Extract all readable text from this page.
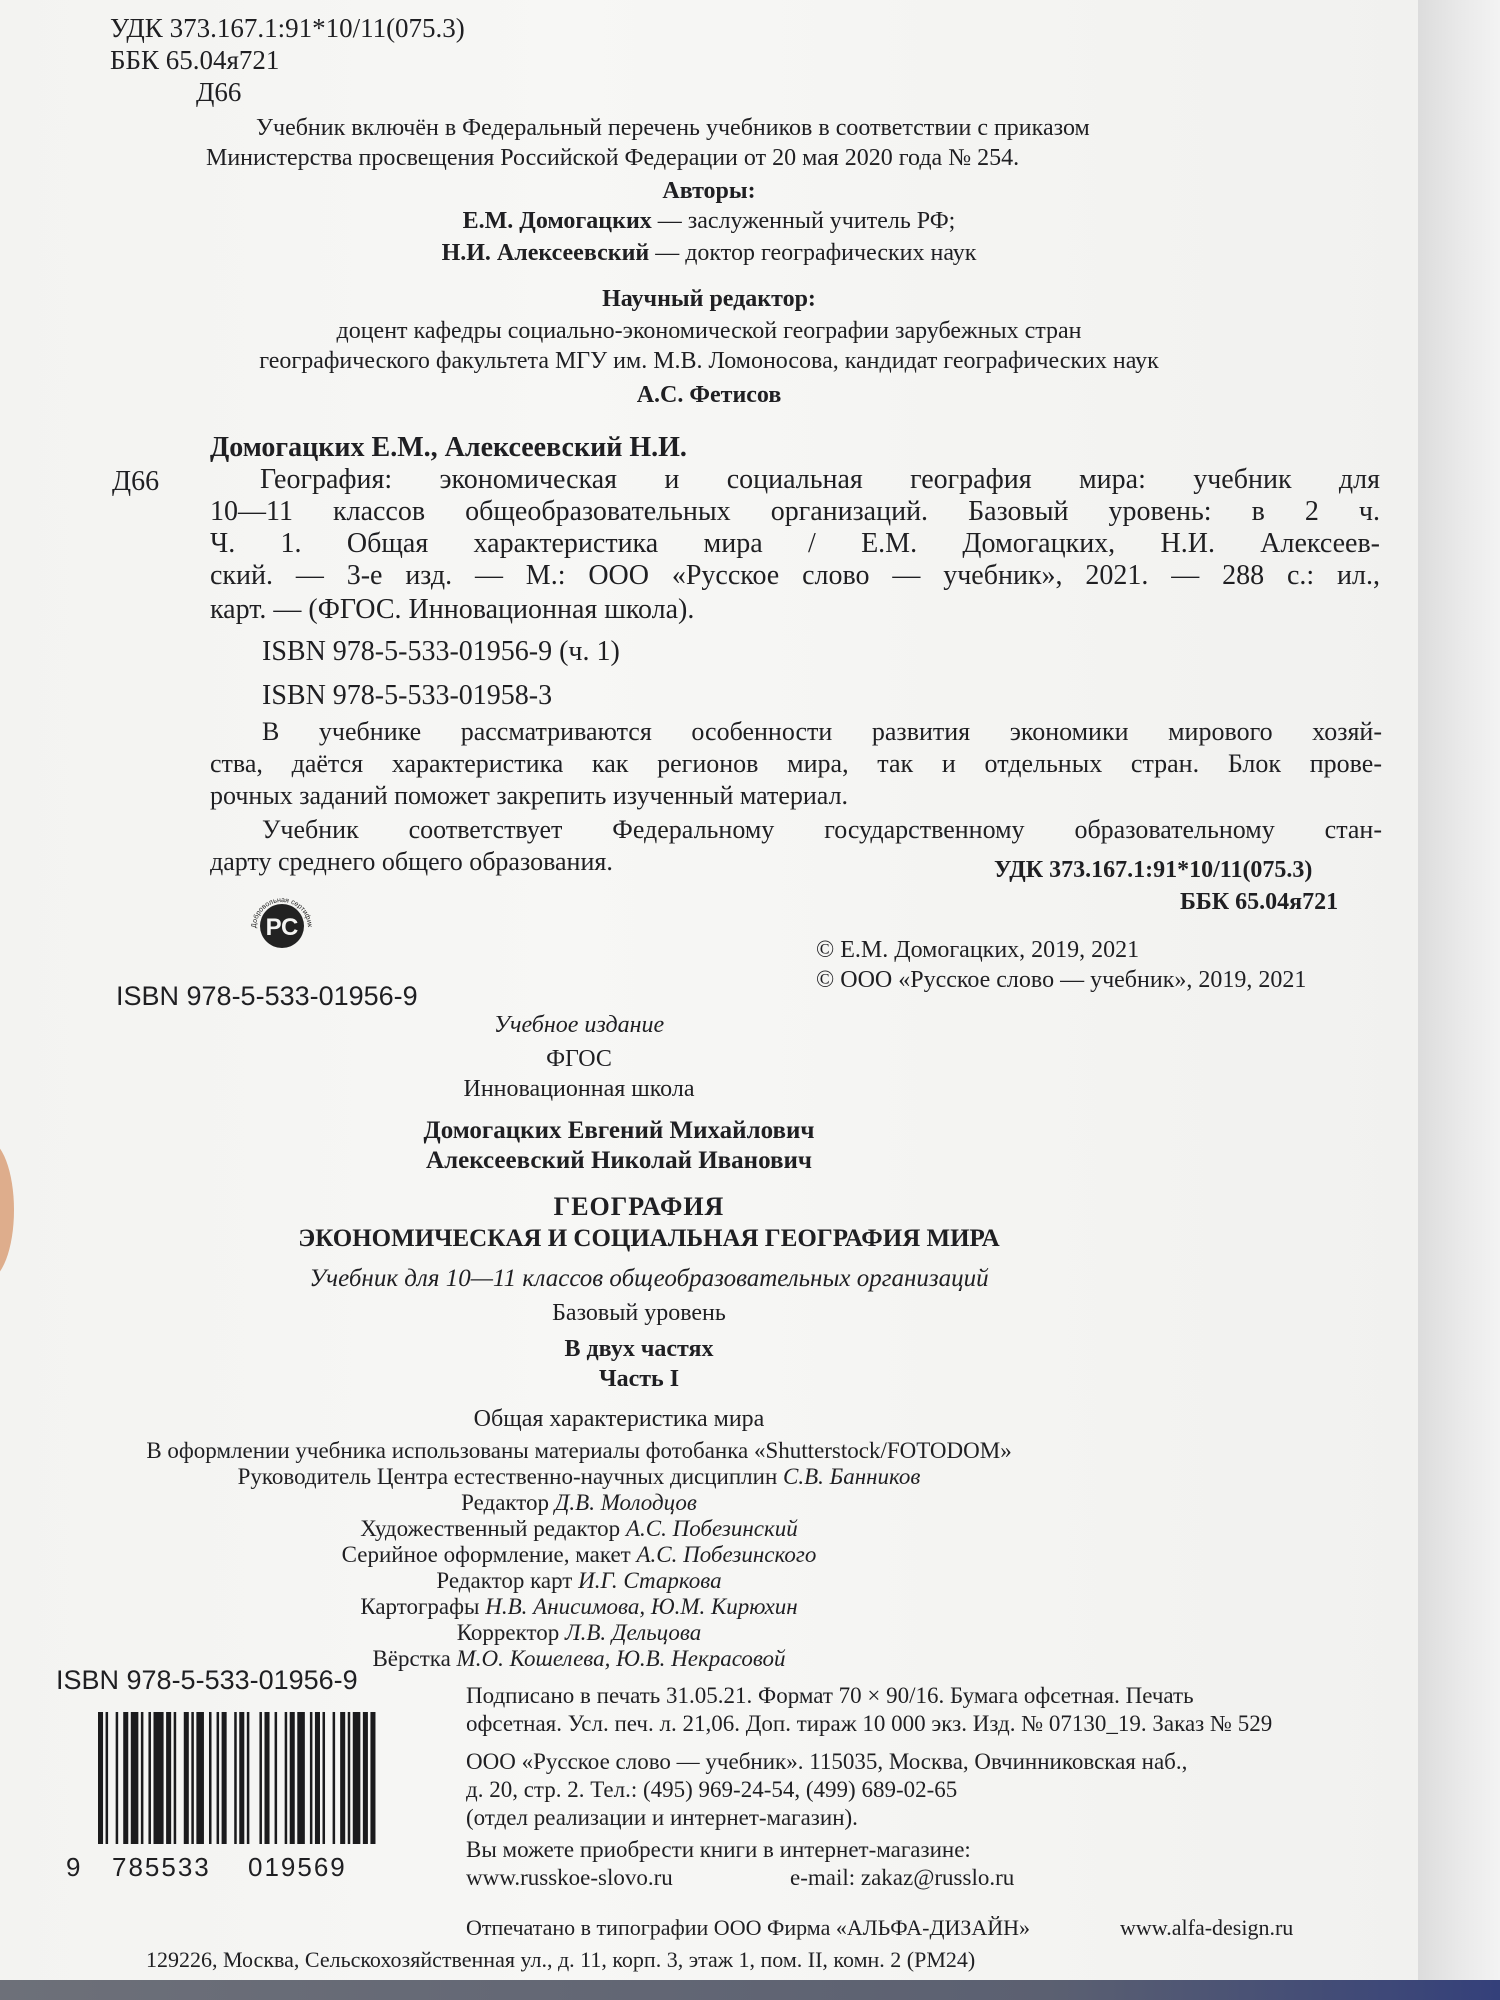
УДК 373.167.1:91*10/11(075.3)
ББК 65.04я721
Д66
Учебник включён в Федеральный перечень учебников в соответствии с приказом
Министерства просвещения Российской Федерации от 20 мая 2020 года № 254.
Авторы:
Е.М. Домогацких — заслуженный учитель РФ;
Н.И. Алексеевский — доктор географических наук
Научный редактор:
доцент кафедры социально-экономической географии зарубежных стран
географического факультета МГУ им. М.В. Ломоносова, кандидат географических наук
А.С. Фетисов
Домогацких Е.М., Алексеевский Н.И.
Д66	География: экономическая и социальная география мира: учебник для
10—11 классов общеобразовательных организаций. Базовый уровень: в 2 ч.
Ч. 1. Общая характеристика мира / Е.М. Домогацких, Н.И. Алексеев-
ский. — 3-е изд. — М.: ООО «Русское слово — учебник», 2021. — 288 с.: ил.,
карт. — (ФГОС. Инновационная школа).
ISBN 978-5-533-01956-9 (ч. 1)
ISBN 978-5-533-01958-3
В учебнике рассматриваются особенности развития экономики мирового хозяй-
ства, даётся характеристика как регионов мира, так и отдельных стран. Блок прове-
рочных заданий поможет закрепить изученный материал.
Учебник соответствует Федеральному государственному образовательному стан-
дарту среднего общего образования.	УДК 373.167.1:91*10/11(075.3)
ББК 65.04я721
РС
Добровольная сертифик
© Е.М. Домогацких, 2019, 2021
© ООО «Русское слово — учебник», 2019, 2021
ISBN 978-5-533-01956-9
Учебное издание
ФГОС
Инновационная школа
Домогацких Евгений Михайлович
Алексеевский Николай Иванович
ГЕОГРАФИЯ
ЭКОНОМИЧЕСКАЯ И СОЦИАЛЬНАЯ ГЕОГРАФИЯ МИРА
Учебник для 10—11 классов общеобразовательных организаций
Базовый уровень
В двух частях
Часть I
Общая характеристика мира
В оформлении учебника использованы материалы фотобанка «Shutterstock/FOTODOM»
Руководитель Центра естественно-научных дисциплин С.В. Банников
Редактор Д.В. Молодцов
Художественный редактор А.С. Побезинский
Серийное оформление, макет А.С. Побезинского
Редактор карт И.Г. Старкова
Картографы Н.В. Анисимова, Ю.М. Кирюхин
Корректор Л.В. Дельцова
Вёрстка М.О. Кошелева, Ю.В. Некрасовой
ISBN 978-5-533-01956-9
9 785533 019569
Подписано в печать 31.05.21. Формат 70 × 90/16. Бумага офсетная. Печать
офсетная. Усл. печ. л. 21,06. Доп. тираж 10 000 экз. Изд. № 07130_19. Заказ № 529
ООО «Русское слово — учебник». 115035, Москва, Овчинниковская наб.,
д. 20, стр. 2. Тел.: (495) 969-24-54, (499) 689-02-65
(отдел реализации и интернет-магазин).
Вы можете приобрести книги в интернет-магазине:
www.russkoe-slovo.ru	e-mail: zakaz@russlo.ru
Отпечатано в типографии ООО Фирма «АЛЬФА-ДИЗАЙН»	www.alfa-design.ru
129226, Москва, Сельскохозяйственная ул., д. 11, корп. 3, этаж 1, пом. II, комн. 2 (РМ24)
